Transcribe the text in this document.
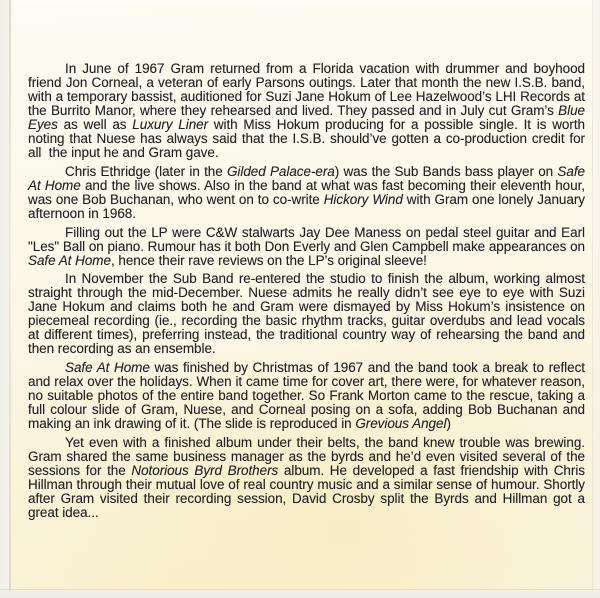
In June of 1967 Gram returned from a Florida vacation with drummer and boyhood friend Jon Corneal, a veteran of early Parsons outings. Later that month the new I.S.B. band, with a temporary bassist, auditioned for Suzi Jane Hokum of Lee Hazelwood’s LHI Records at the Burrito Manor, where they rehearsed and lived. They passed and in July cut Gram’s Blue Eyes as well as Luxury Liner with Miss Hokum producing for a possible single. It is worth noting that Nuese has always said that the I.S.B. should’ve gotten a co-production credit for all  the input he and Gram gave.

Chris Ethridge (later in the Gilded Palace-era) was the Sub Bands bass player on Safe At Home and the live shows. Also in the band at what was fast becoming their eleventh hour, was one Bob Buchanan, who went on to co-write Hickory Wind with Gram one lonely January afternoon in 1968.

Filling out the LP were C&W stalwarts Jay Dee Maness on pedal steel guitar and Earl "Les" Ball on piano. Rumour has it both Don Everly and Glen Campbell make appearances on Safe At Home, hence their rave reviews on the LP’s original sleeve!

In November the Sub Band re-entered the studio to finish the album, working almost straight through the mid-December. Nuese admits he really didn’t see eye to eye with Suzi Jane Hokum and claims both he and Gram were dismayed by Miss Hokum’s insistence on piecemeal recording (ie., recording the basic rhythm tracks, guitar overdubs and lead vocals at different times), preferring instead, the traditional country way of rehearsing the band and then recording as an ensemble.

Safe At Home was finished by Christmas of 1967 and the band took a break to reflect and relax over the holidays. When it came time for cover art, there were, for whatever reason, no suitable photos of the entire band together. So Frank Morton came to the rescue, taking a full colour slide of Gram, Nuese, and Corneal posing on a sofa, adding Bob Buchanan and making an ink drawing of it. (The slide is reproduced in Grevious Angel)

Yet even with a finished album under their belts, the band knew trouble was brewing. Gram shared the same business manager as the byrds and he’d even visited several of the sessions for the Notorious Byrd Brothers album. He developed a fast friendship with Chris Hillman through their mutual love of real country music and a similar sense of humour. Shortly after Gram visited their recording session, David Crosby split the Byrds and Hillman got a great idea...
